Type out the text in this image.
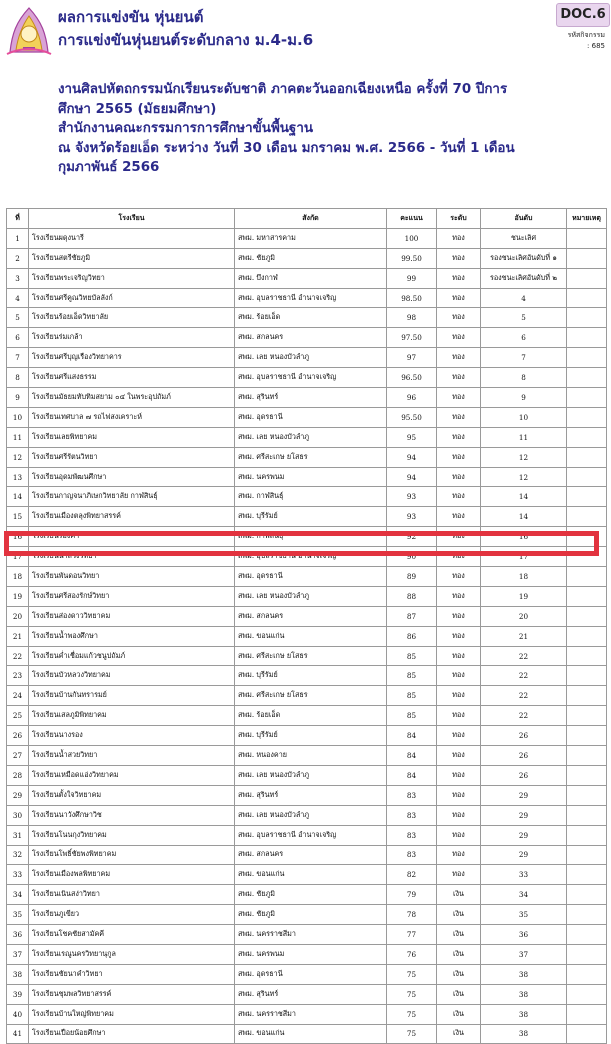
ผลการแข่งขัน หุ่นยนต์
การแข่งขันหุ่นยนต์ระดับกลาง ม.4-ม.6
DOC.6
รหัสกิจกรรม
: 685
งานศิลปหัตถกรรมนักเรียนระดับชาติ ภาคตะวันออกเฉียงเหนือ ครั้งที่ 70 ปีการ
ศึกษา 2565 (มัธยมศึกษา)
สำนักงานคณะกรรมการการศึกษาขั้นพื้นฐาน
ณ จังหวัดร้อยเอ็ด ระหว่าง วันที่ 30 เดือน มกราคม พ.ศ. 2566 - วันที่ 1 เดือน
กุมภาพันธ์ 2566
ที่	โรงเรียน	สังกัด	คะแนน	ระดับ	อันดับ	หมายเหตุ
1	โรงเรียนผดุงนารี	สพม. มหาสารคาม	100	ทอง	ชนะเลิศ	
2	โรงเรียนสตรีชัยภูมิ	สพม. ชัยภูมิ	99.50	ทอง	รองชนะเลิศอันดับที่ ๑	
3	โรงเรียนพระเจริญวิทยา	สพม. บึงกาฬ	99	ทอง	รองชนะเลิศอันดับที่ ๒	
4	โรงเรียนศรีคูณวิทยบัลลังก์	สพม. อุบลราชธานี อำนาจเจริญ	98.50	ทอง	4	
5	โรงเรียนร้อยเอ็ดวิทยาลัย	สพม. ร้อยเอ็ด	98	ทอง	5	
6	โรงเรียนร่มเกล้า	สพม. สกลนคร	97.50	ทอง	6	
7	โรงเรียนศรีบุญเรืองวิทยาคาร	สพม. เลย หนองบัวลำภู	97	ทอง	7	
8	โรงเรียนศรีแสงธรรม	สพม. อุบลราชธานี อำนาจเจริญ	96.50	ทอง	8	
9	โรงเรียนมัธยมทับทิมสยาม ๐๔ ในพระอุปถัมภ์	สพม. สุรินทร์	96	ทอง	9	
10	โรงเรียนเทศบาล ๗ รถไฟสงเคราะห์	สพม. อุดรธานี	95.50	ทอง	10	
11	โรงเรียนเลยพิทยาคม	สพม. เลย หนองบัวลำภู	95	ทอง	11	
12	โรงเรียนศรีรัตนวิทยา	สพม. ศรีสะเกษ ยโสธร	94	ทอง	12	
13	โรงเรียนอุดมพัฒนศึกษา	สพม. นครพนม	94	ทอง	12	
14	โรงเรียนกาญจนาภิเษกวิทยาลัย กาฬสินธุ์	สพม. กาฬสินธุ์	93	ทอง	14	
15	โรงเรียนเมืองตลุงพิทยาสรรค์	สพม. บุรีรัมย์	93	ทอง	14	
16	โรงเรียนร่องคำ	สพม. กาฬสินธุ์	92	ทอง	16	
17	โรงเรียนนาส่วงวิทยา	สพม. อุบลราชธานี อำนาจเจริญ	90	ทอง	17	
18	โรงเรียนพันดอนวิทยา	สพม. อุดรธานี	89	ทอง	18	
19	โรงเรียนศรีสองรักษ์วิทยา	สพม. เลย หนองบัวลำภู	88	ทอง	19	
20	โรงเรียนส่องดาววิทยาคม	สพม. สกลนคร	87	ทอง	20	
21	โรงเรียนน้ำพองศึกษา	สพม. ขอนแก่น	86	ทอง	21	
22	โรงเรียนค่ำเชื่อมแก้วชนูปถัมภ์	สพม. ศรีสะเกษ ยโสธร	85	ทอง	22	
23	โรงเรียนบัวหลวงวิทยาคม	สพม. บุรีรัมย์	85	ทอง	22	
24	โรงเรียนบ้านกันทรารมย์	สพม. ศรีสะเกษ ยโสธร	85	ทอง	22	
25	โรงเรียนเสลภูมิพิทยาคม	สพม. ร้อยเอ็ด	85	ทอง	22	
26	โรงเรียนนางรอง	สพม. บุรีรัมย์	84	ทอง	26	
27	โรงเรียนน้ำสวยวิทยา	สพม. หนองคาย	84	ทอง	26	
28	โรงเรียนเหมือดแอ่งวิทยาคม	สพม. เลย หนองบัวลำภู	84	ทอง	26	
29	โรงเรียนตั้งใจวิทยาคม	สพม. สุรินทร์	83	ทอง	29	
30	โรงเรียนนาวังศึกษาวิช	สพม. เลย หนองบัวลำภู	83	ทอง	29	
31	โรงเรียนโนนกุงวิทยาคม	สพม. อุบลราชธานี อำนาจเจริญ	83	ทอง	29	
32	โรงเรียนโพธิ์ชัยพงพิทยาคม	สพม. สกลนคร	83	ทอง	29	
33	โรงเรียนเมืองพลพิทยาคม	สพม. ขอนแก่น	82	ทอง	33	
34	โรงเรียนเนินสง่าวิทยา	สพม. ชัยภูมิ	79	เงิน	34	
35	โรงเรียนภูเขียว	สพม. ชัยภูมิ	78	เงิน	35	
36	โรงเรียนโชคชัยสามัคคี	สพม. นครราชสีมา	77	เงิน	36	
37	โรงเรียนเรณูนครวิทยานุกูล	สพม. นครพนม	76	เงิน	37	
38	โรงเรียนชัยนาคำวิทยา	สพม. อุดรธานี	75	เงิน	38	
39	โรงเรียนชุมพลวิทยาสรรค์	สพม. สุรินทร์	75	เงิน	38	
40	โรงเรียนบ้านใหญ่พิทยาคม	สพม. นครราชสีมา	75	เงิน	38	
41	โรงเรียนเปือยน้อยศึกษา	สพม. ขอนแก่น	75	เงิน	38	
